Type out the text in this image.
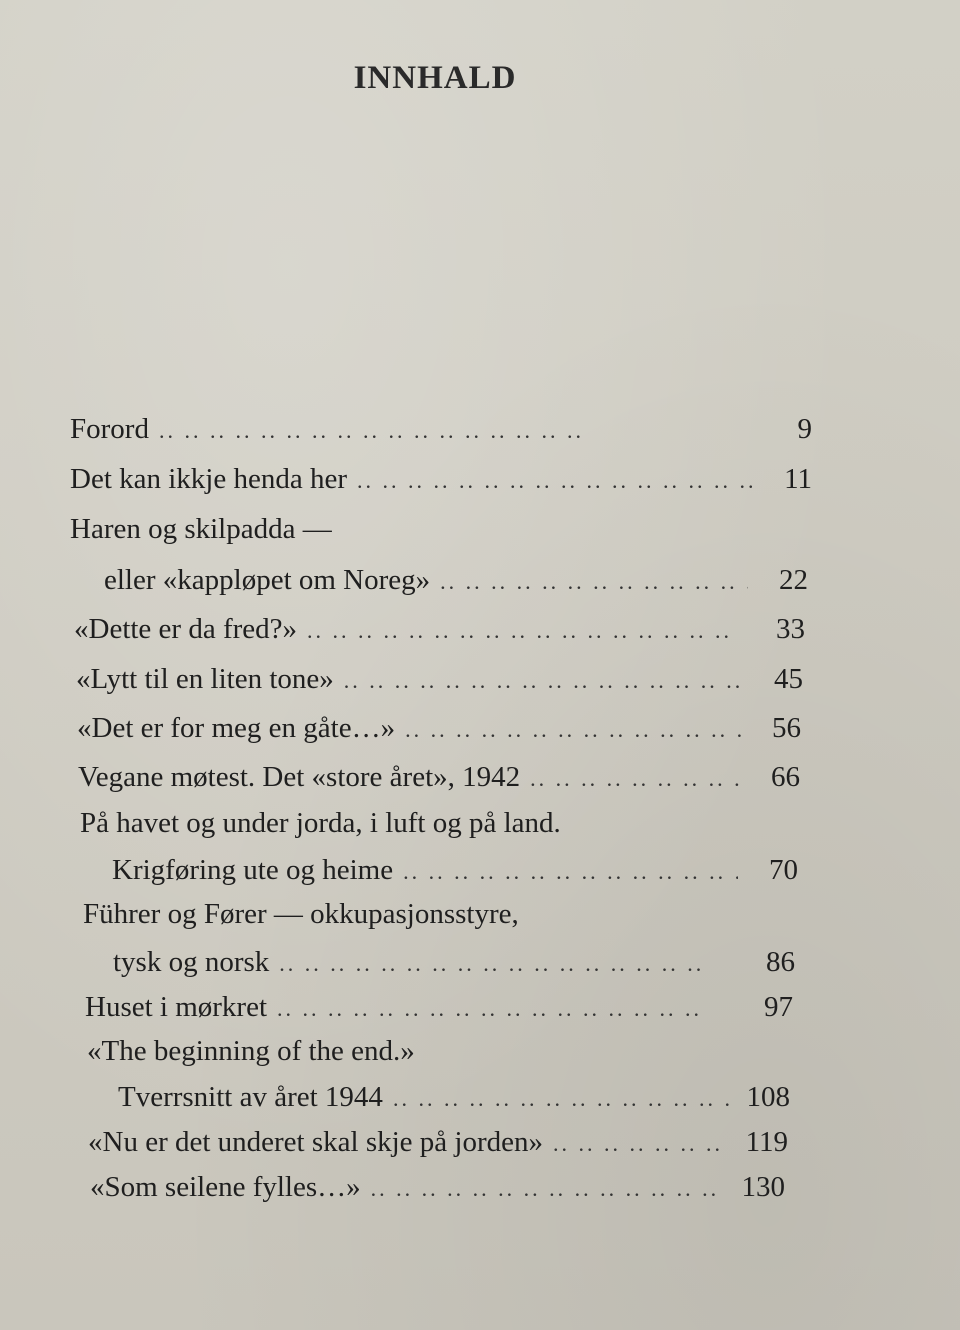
INNHALD
Forord ..	9
Det kan ikkje henda her ..	11
Haren og skilpadda —
eller «kappløpet om Noreg» ..	22
«Dette er da fred?» ..	33
«Lytt til en liten tone» ..	45
«Det er for meg en gåte…» ..	56
Vegane møtest. Det «store året», 1942 ..	66
På havet og under jorda, i luft og på land.
Krigføring ute og heime ..	70
Führer og Fører — okkupasjonsstyre,
tysk og norsk ..	86
Huset i mørkret ..	97
«The beginning of the end.»
Tverrsnitt av året 1944 ..	108
«Nu er det underet skal skje på jorden» ..	119
«Som seilene fylles…» ..	130
